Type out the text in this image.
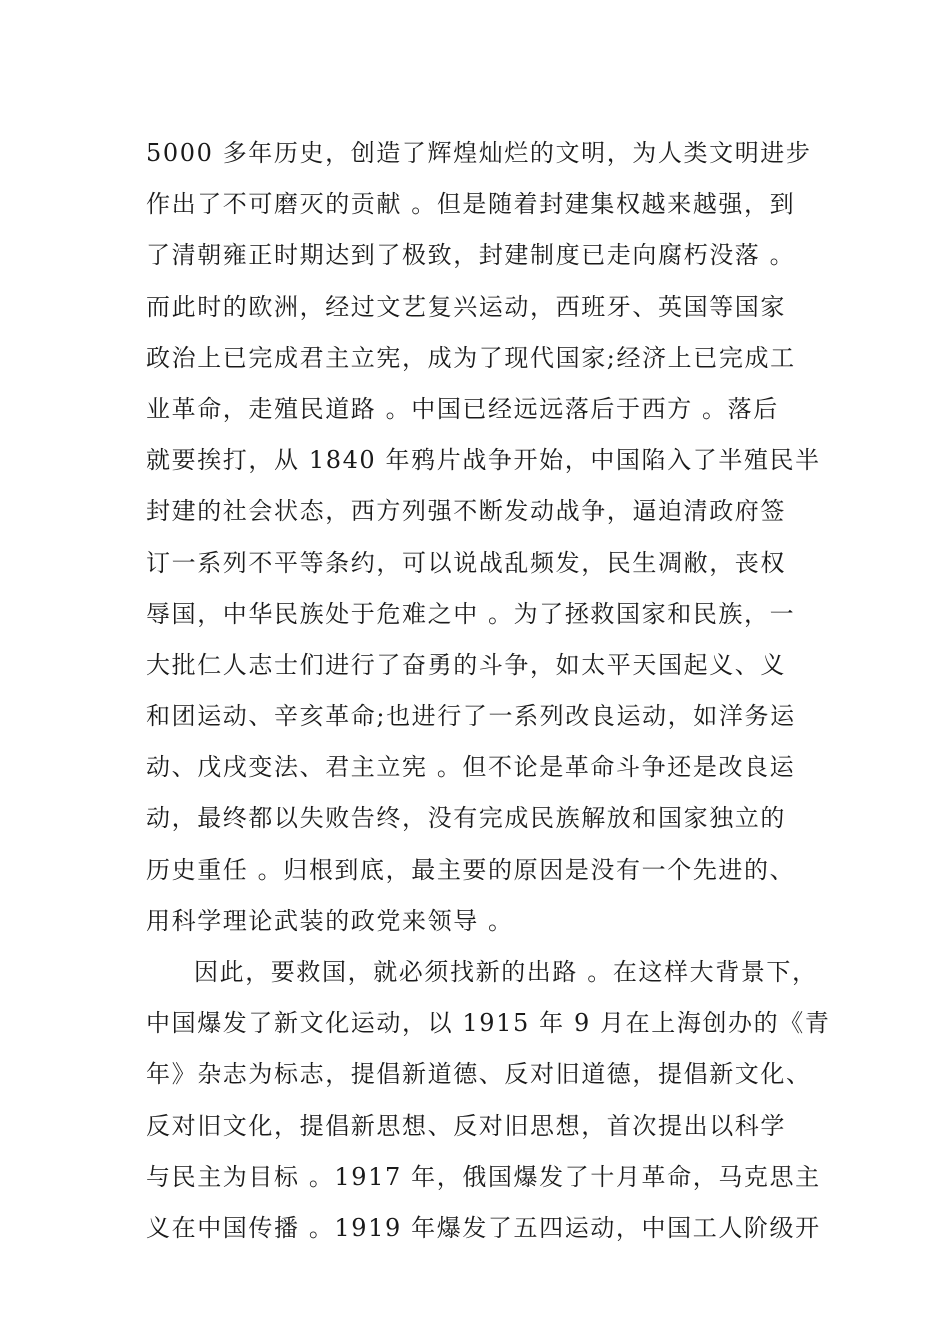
5000 多年历史，创造了辉煌灿烂的文明，为人类文明进步
作出了不可磨灭的贡献 。但是随着封建集权越来越强，到
了清朝雍正时期达到了极致，封建制度已走向腐朽没落 。
而此时的欧洲，经过文艺复兴运动，西班牙、英国等国家
政治上已完成君主立宪，成为了现代国家;经济上已完成工
业革命，走殖民道路 。中国已经远远落后于西方 。落后
就要挨打，从 1840 年鸦片战争开始，中国陷入了半殖民半
封建的社会状态，西方列强不断发动战争，逼迫清政府签
订一系列不平等条约，可以说战乱频发，民生凋敝，丧权
辱国，中华民族处于危难之中 。为了拯救国家和民族，一
大批仁人志士们进行了奋勇的斗争，如太平天国起义、义
和团运动、辛亥革命;也进行了一系列改良运动，如洋务运
动、戊戌变法、君主立宪 。但不论是革命斗争还是改良运
动，最终都以失败告终，没有完成民族解放和国家独立的
历史重任 。归根到底，最主要的原因是没有一个先进的、
用科学理论武装的政党来领导 。
因此，要救国，就必须找新的出路 。在这样大背景下，
中国爆发了新文化运动，以 1915 年 9 月在上海创办的《青
年》杂志为标志，提倡新道德、反对旧道德，提倡新文化、
反对旧文化，提倡新思想、反对旧思想，首次提出以科学
与民主为目标 。1917 年，俄国爆发了十月革命，马克思主
义在中国传播 。1919 年爆发了五四运动，中国工人阶级开
